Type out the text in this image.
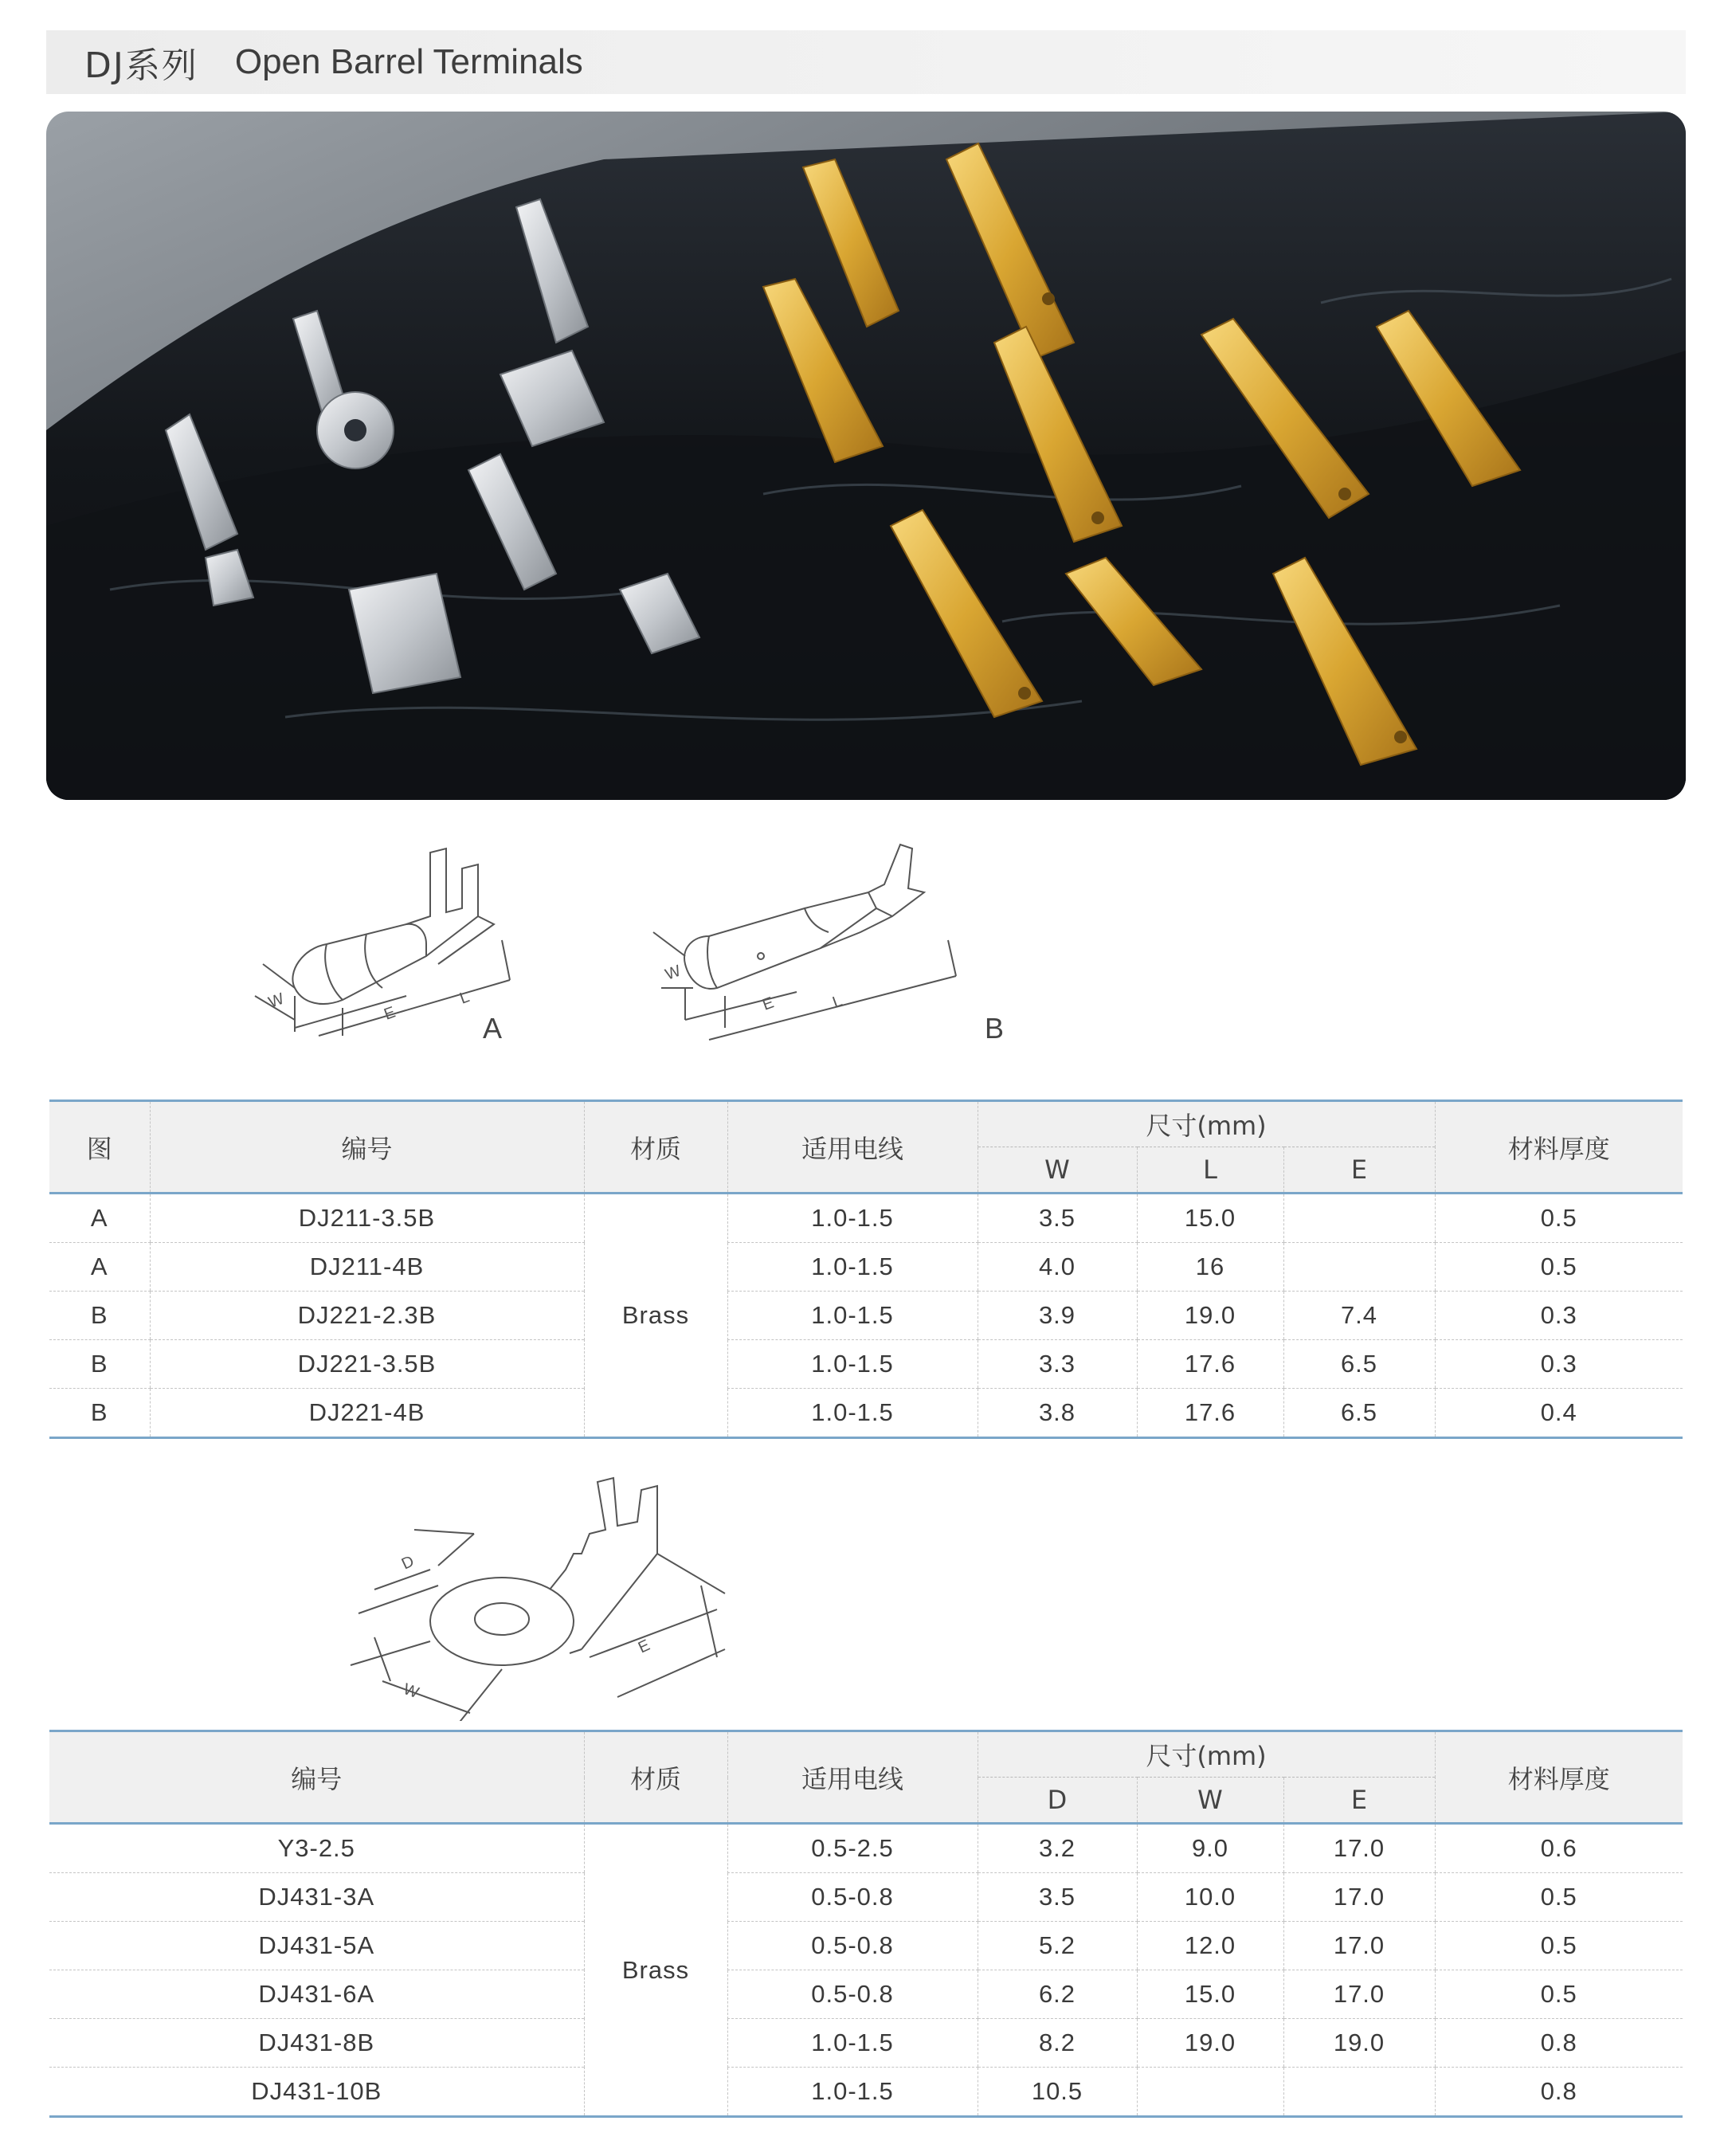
DJ系列 Open Barrel Terminals
W
E
L
A
W
E	L
B
图	编号	材质	适用电线	尺寸(mm)			材料厚度
				W	L	E	
A	DJ211-3.5B	Brass	1.0-1.5	3.5	15.0		0.5
A	DJ211-4B		1.0-1.5	4.0	16		0.5
B	DJ221-2.3B		1.0-1.5	3.9	19.0	7.4	0.3
B	DJ221-3.5B		1.0-1.5	3.3	17.6	6.5	0.3
B	DJ221-4B		1.0-1.5	3.8	17.6	6.5	0.4
D
W
E
编号	材质	适用电线	尺寸(mm)			材料厚度
			D	W	E	
Y3-2.5	Brass	0.5-2.5	3.2	9.0	17.0	0.6
DJ431-3A		0.5-0.8	3.5	10.0	17.0	0.5
DJ431-5A		0.5-0.8	5.2	12.0	17.0	0.5
DJ431-6A		0.5-0.8	6.2	15.0	17.0	0.5
DJ431-8B		1.0-1.5	8.2	19.0	19.0	0.8
DJ431-10B		1.0-1.5	10.5			0.8
